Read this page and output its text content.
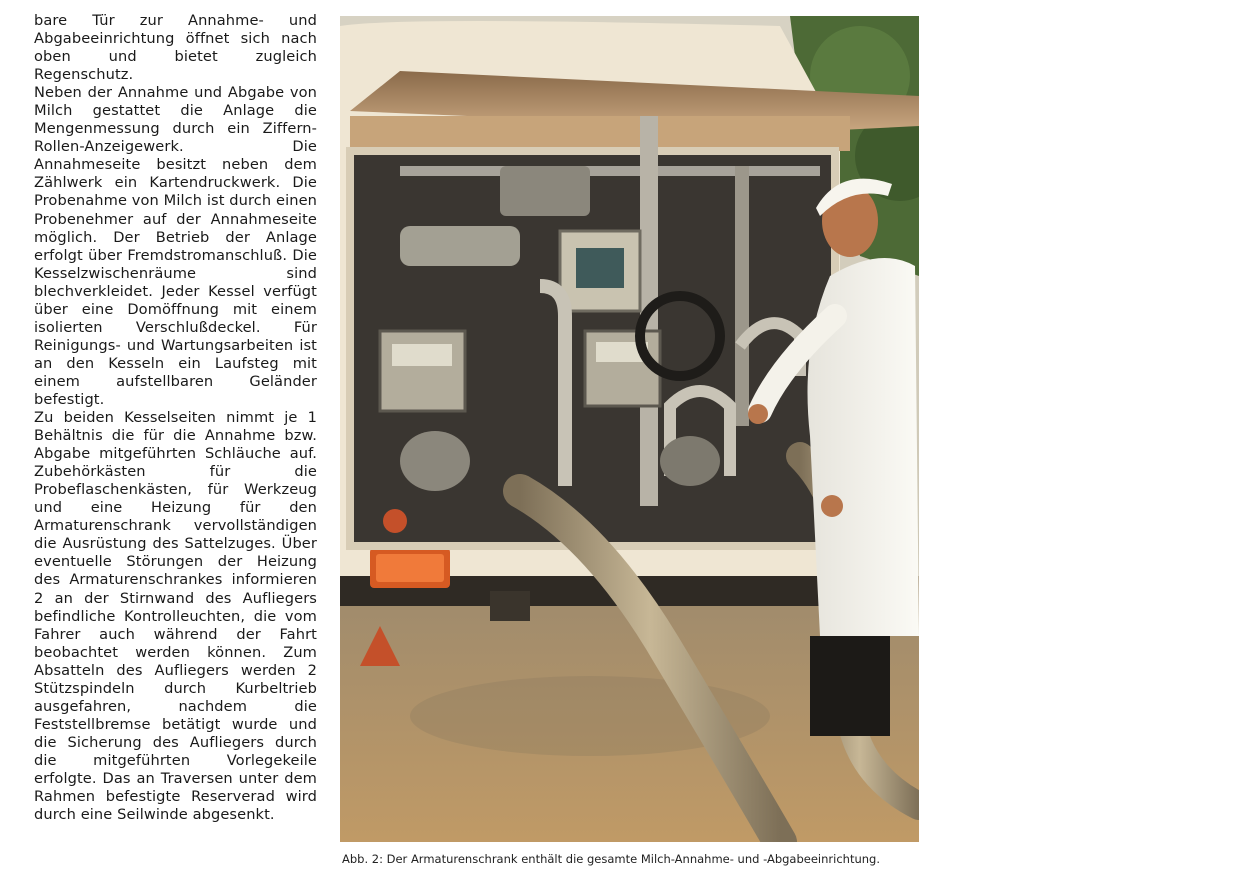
bare Tür zur Annahme- und Abgabeeinrichtung öffnet sich nach oben und bietet zugleich Regenschutz.

Neben der Annahme und Abgabe von Milch gestattet die Anlage die Mengenmessung durch ein Ziffern-Rollen-Anzeigewerk. Die Annahmeseite besitzt neben dem Zählwerk ein Kartendruckwerk. Die Probenahme von Milch ist durch einen Probenehmer auf der Annahmeseite möglich. Der Betrieb der Anlage erfolgt über Fremdstromanschluß. Die Kesselzwischenräume sind blechverkleidet. Jeder Kessel verfügt über eine Domöffnung mit einem isolierten Verschlußdeckel. Für Reinigungs- und Wartungsarbeiten ist an den Kesseln ein Laufsteg mit einem aufstellbaren Geländer befestigt.

Zu beiden Kesselseiten nimmt je 1 Behältnis die für die Annahme bzw. Abgabe mitgeführten Schläuche auf. Zubehörkästen für die Probeflaschenkästen, für Werkzeug und eine Heizung für den Armaturenschrank vervollständigen die Ausrüstung des Sattelzuges. Über eventuelle Störungen der Heizung des Armaturenschrankes informieren 2 an der Stirnwand des Aufliegers befindliche Kontrolleuchten, die vom Fahrer auch während der Fahrt beobachtet werden können. Zum Absatteln des Aufliegers werden 2 Stützspindeln durch Kurbeltrieb ausgefahren, nachdem die Feststellbremse betätigt wurde und die Sicherung des Aufliegers durch die mitgeführten Vorlegekeile erfolgte. Das an Traversen unter dem Rahmen befestigte Reserverad wird durch eine Seilwinde abgesenkt.

Abb. 2: Der Armaturenschrank enthält die gesamte Milch-Annahme- und -Abgabeeinrichtung.
